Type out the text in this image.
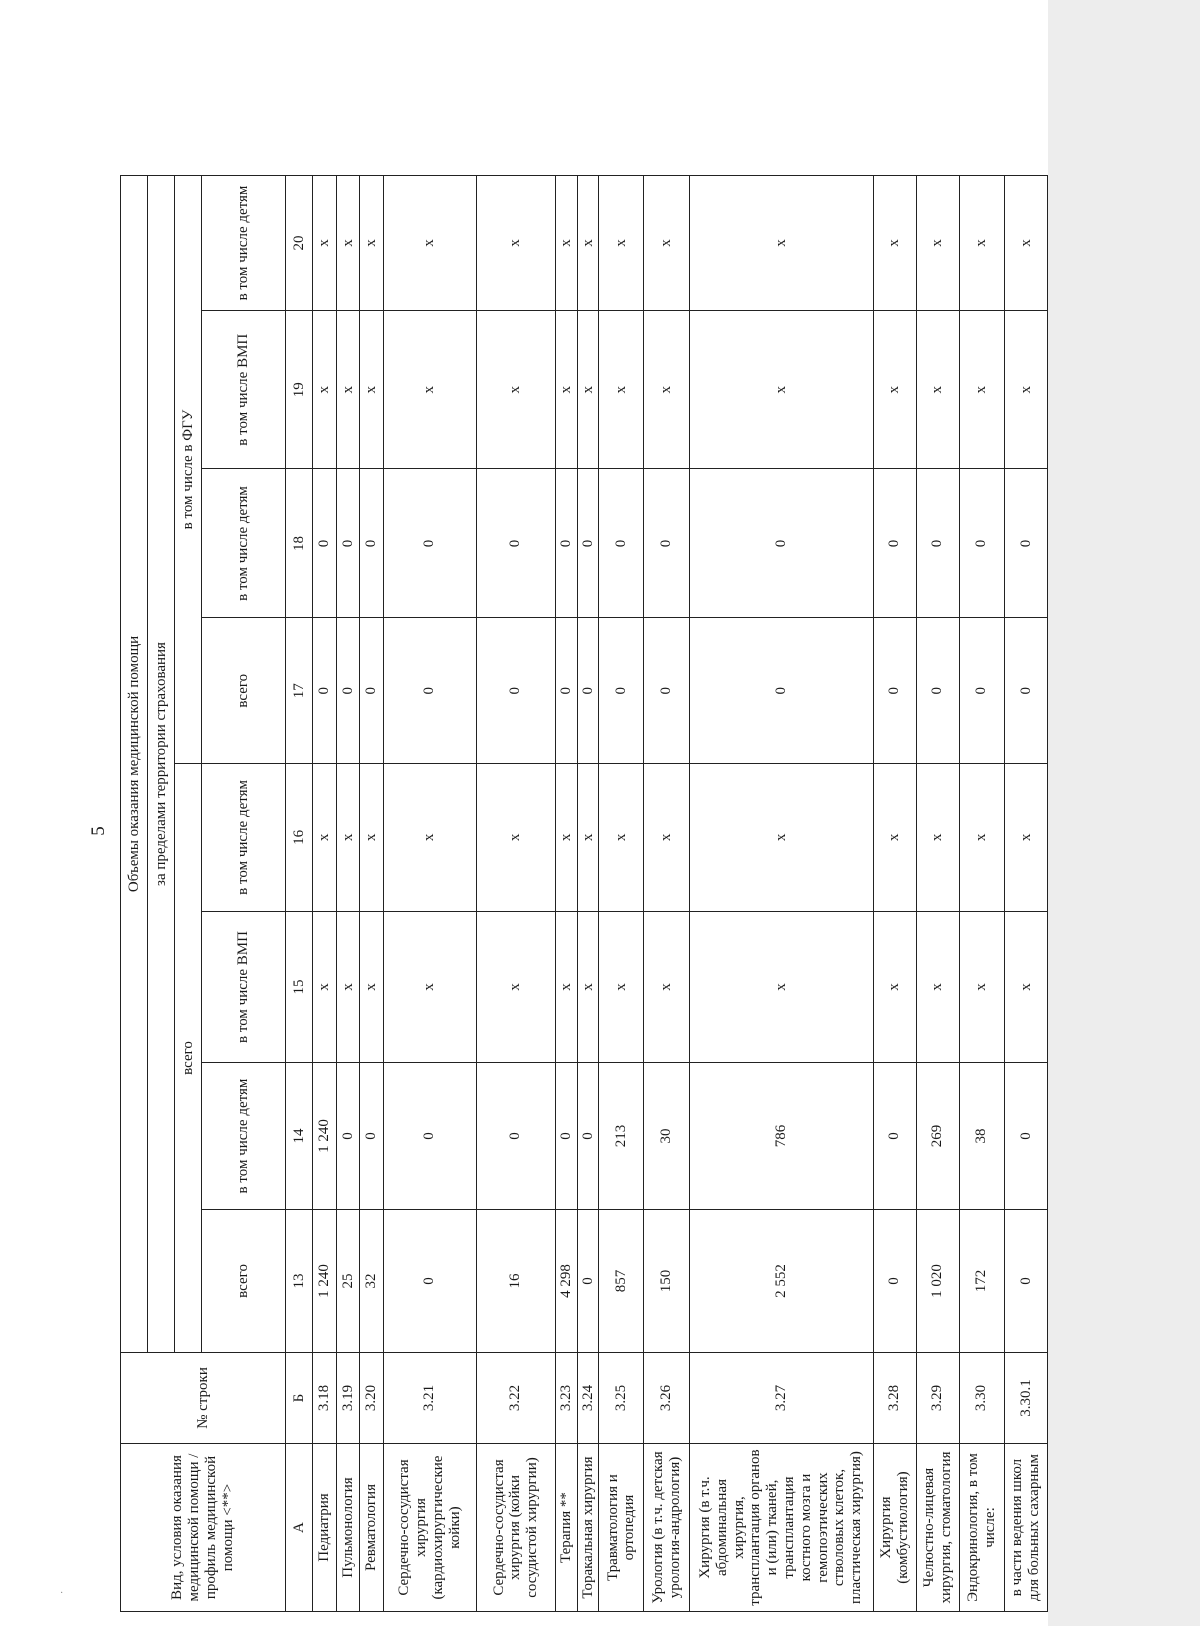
·
5
Вид, условия оказания медицинской помощи / профиль медицинской помощи <**>	№ строки	Объемы оказания медицинской помощи							
		за пределами территории страхования							
		всего				в том числе в ФГУ			
		всего	в том числе детям	в том числе ВМП	в том числе детям	всего	в том числе детям	в том числе ВМП	в том числе детям
А	Б	13	14	15	16	17	18	19	20
Педиатрия	3.18	1 240	1 240	х	х	0	0	х	х
Пульмонология	3.19	25	0	х	х	0	0	х	х
Ревматология	3.20	32	0	х	х	0	0	х	х
Сердечно-сосудистая хирургия (кардиохирургические койки)	3.21	0	0	х	х	0	0	х	х
Сердечно-сосудистая хирургия (койки сосудистой хирургии)	3.22	16	0	х	х	0	0	х	х
Терапия **	3.23	4 298	0	х	х	0	0	х	х
Торакальная хирургия	3.24	0	0	х	х	0	0	х	х
Травматология и ортопедия	3.25	857	213	х	х	0	0	х	х
Урология (в т.ч. детская урология-андрология)	3.26	150	30	х	х	0	0	х	х
Хирургия (в т.ч. абдоминальная хирургия, трансплантация органов и (или) тканей, трансплантация костного мозга и гемопоэтических стволовых клеток, пластическая хирургия)	3.27	2 552	786	х	х	0	0	х	х
Хирургия (комбустиология)	3.28	0	0	х	х	0	0	х	х
Челюстно-лицевая хирургия, стоматология	3.29	1 020	269	х	х	0	0	х	х
Эндокринология, в том числе:	3.30	172	38	х	х	0	0	х	х
в части ведения школ для больных сахарным	3.30.1	0	0	х	х	0	0	х	х
